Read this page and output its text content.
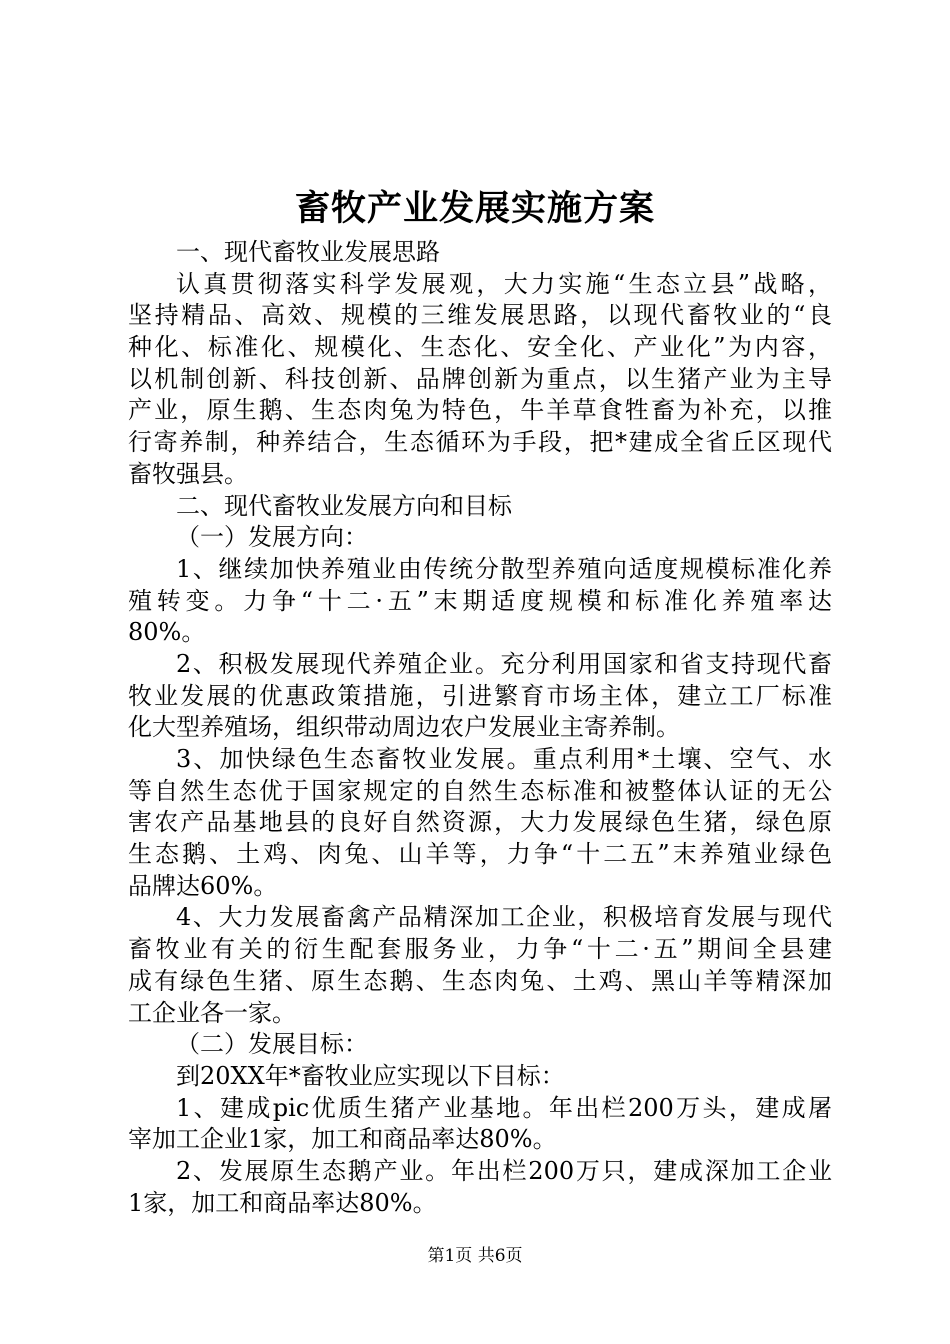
畜牧产业发展实施方案
一、现代畜牧业发展思路
认真贯彻落实科学发展观，大力实施“生态立县”战略，
坚持精品、高效、规模的三维发展思路，以现代畜牧业的“良
种化、标准化、规模化、生态化、安全化、产业化”为内容，
以机制创新、科技创新、品牌创新为重点，以生猪产业为主导
产业，原生鹅、生态肉兔为特色，牛羊草食牲畜为补充，以推
行寄养制，种养结合，生态循环为手段，把*建成全省丘区现代
畜牧强县。
二、现代畜牧业发展方向和目标
（一）发展方向：
1、继续加快养殖业由传统分散型养殖向适度规模标准化养
殖转变。力争“十二·五”末期适度规模和标准化养殖率达
80%。
2、积极发展现代养殖企业。充分利用国家和省支持现代畜
牧业发展的优惠政策措施，引进繁育市场主体，建立工厂标准
化大型养殖场，组织带动周边农户发展业主寄养制。
3、加快绿色生态畜牧业发展。重点利用*土壤、空气、水
等自然生态优于国家规定的自然生态标准和被整体认证的无公
害农产品基地县的良好自然资源，大力发展绿色生猪，绿色原
生态鹅、土鸡、肉兔、山羊等，力争“十二五”末养殖业绿色
品牌达60%。
4、大力发展畜禽产品精深加工企业，积极培育发展与现代
畜牧业有关的衍生配套服务业，力争“十二·五”期间全县建
成有绿色生猪、原生态鹅、生态肉兔、土鸡、黑山羊等精深加
工企业各一家。
（二）发展目标：
到20XX年*畜牧业应实现以下目标：
1、建成pic优质生猪产业基地。年出栏200万头，建成屠
宰加工企业1家，加工和商品率达80%。
2、发展原生态鹅产业。年出栏200万只，建成深加工企业
1家，加工和商品率达80%。
第1页 共6页
